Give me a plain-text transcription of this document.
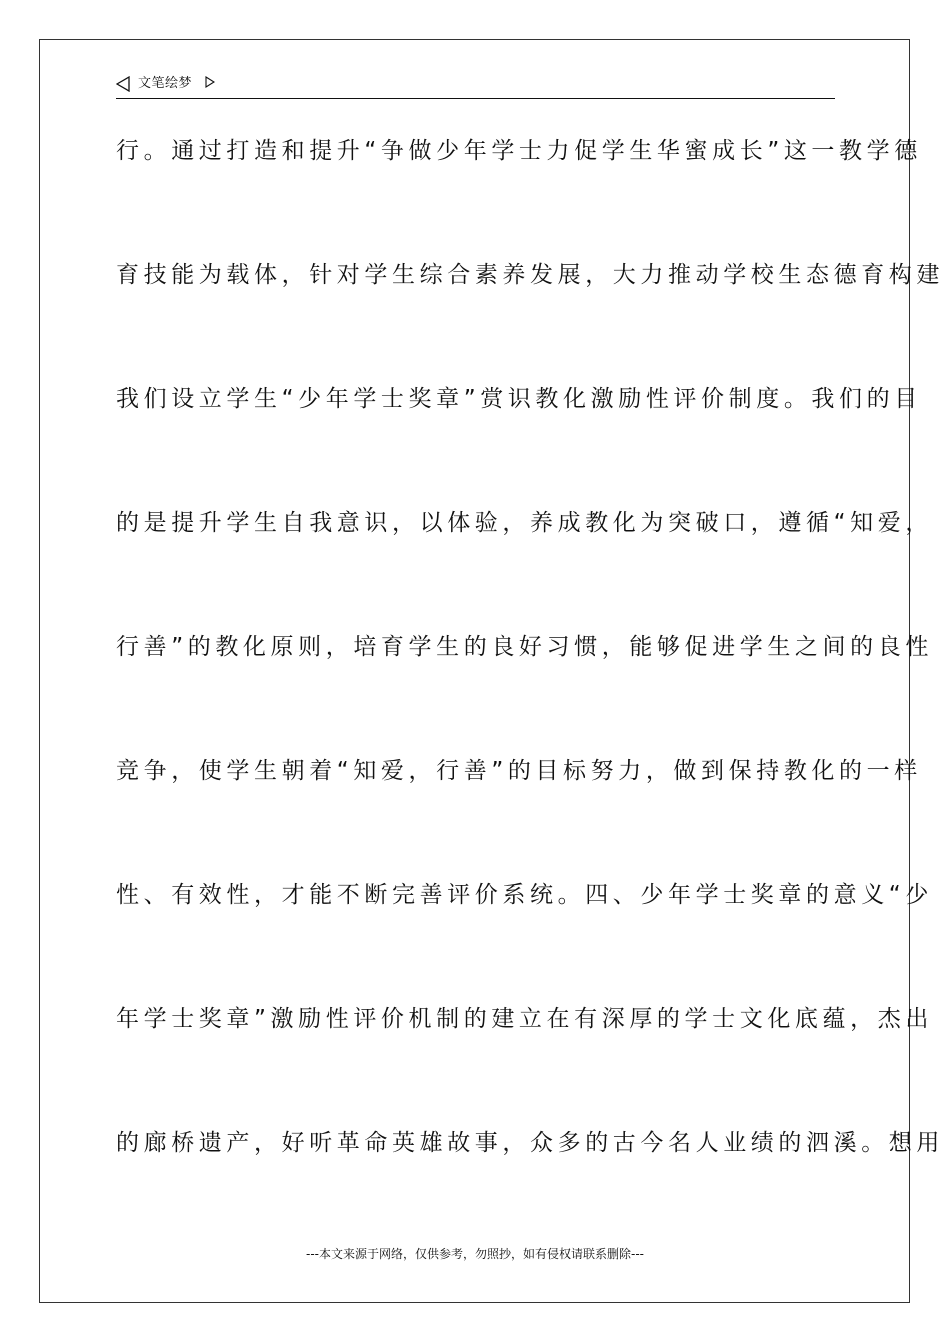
文笔绘梦
行。通过打造和提升“争做少年学士力促学生华蜜成长”这一教学德
育技能为载体，针对学生综合素养发展，大力推动学校生态德育构建
我们设立学生“少年学士奖章”赏识教化激励性评价制度。我们的目
的是提升学生自我意识，以体验，养成教化为突破口，遵循“知爱，
行善”的教化原则，培育学生的良好习惯，能够促进学生之间的良性
竞争，使学生朝着“知爱，行善”的目标努力，做到保持教化的一样
性、有效性，才能不断完善评价系统。四、少年学士奖章的意义“少
年学士奖章”激励性评价机制的建立在有深厚的学士文化底蕴，杰出
的廊桥遗产，好听革命英雄故事，众多的古今名人业绩的泗溪。想用
---本文来源于网络，仅供参考，勿照抄，如有侵权请联系删除---
